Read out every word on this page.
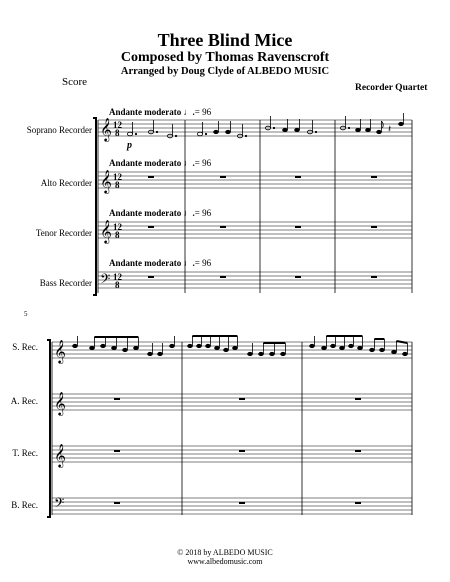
Three Blind Mice
Composed by Thomas Ravenscroft
Arranged by Doug Clyde of ALBEDO MUSIC
Score	Recorder Quartet
Soprano Recorder
Alto Recorder
Tenor Recorder
Bass Recorder
Andante moderato ♩.= 96
Andante moderato ♩.= 96
Andante moderato ♩.= 96
Andante moderato ♩.= 96
5
S. Rec.
A. Rec.
T. Rec.
B. Rec.
𝄞
𝄞
𝄞
𝄢
12
8
12
8
12
8
12
8
p
𝄽
𝄞
𝄞
𝄞
𝄢
© 2018 by ALBEDO MUSIC
www.albedomusic.com
